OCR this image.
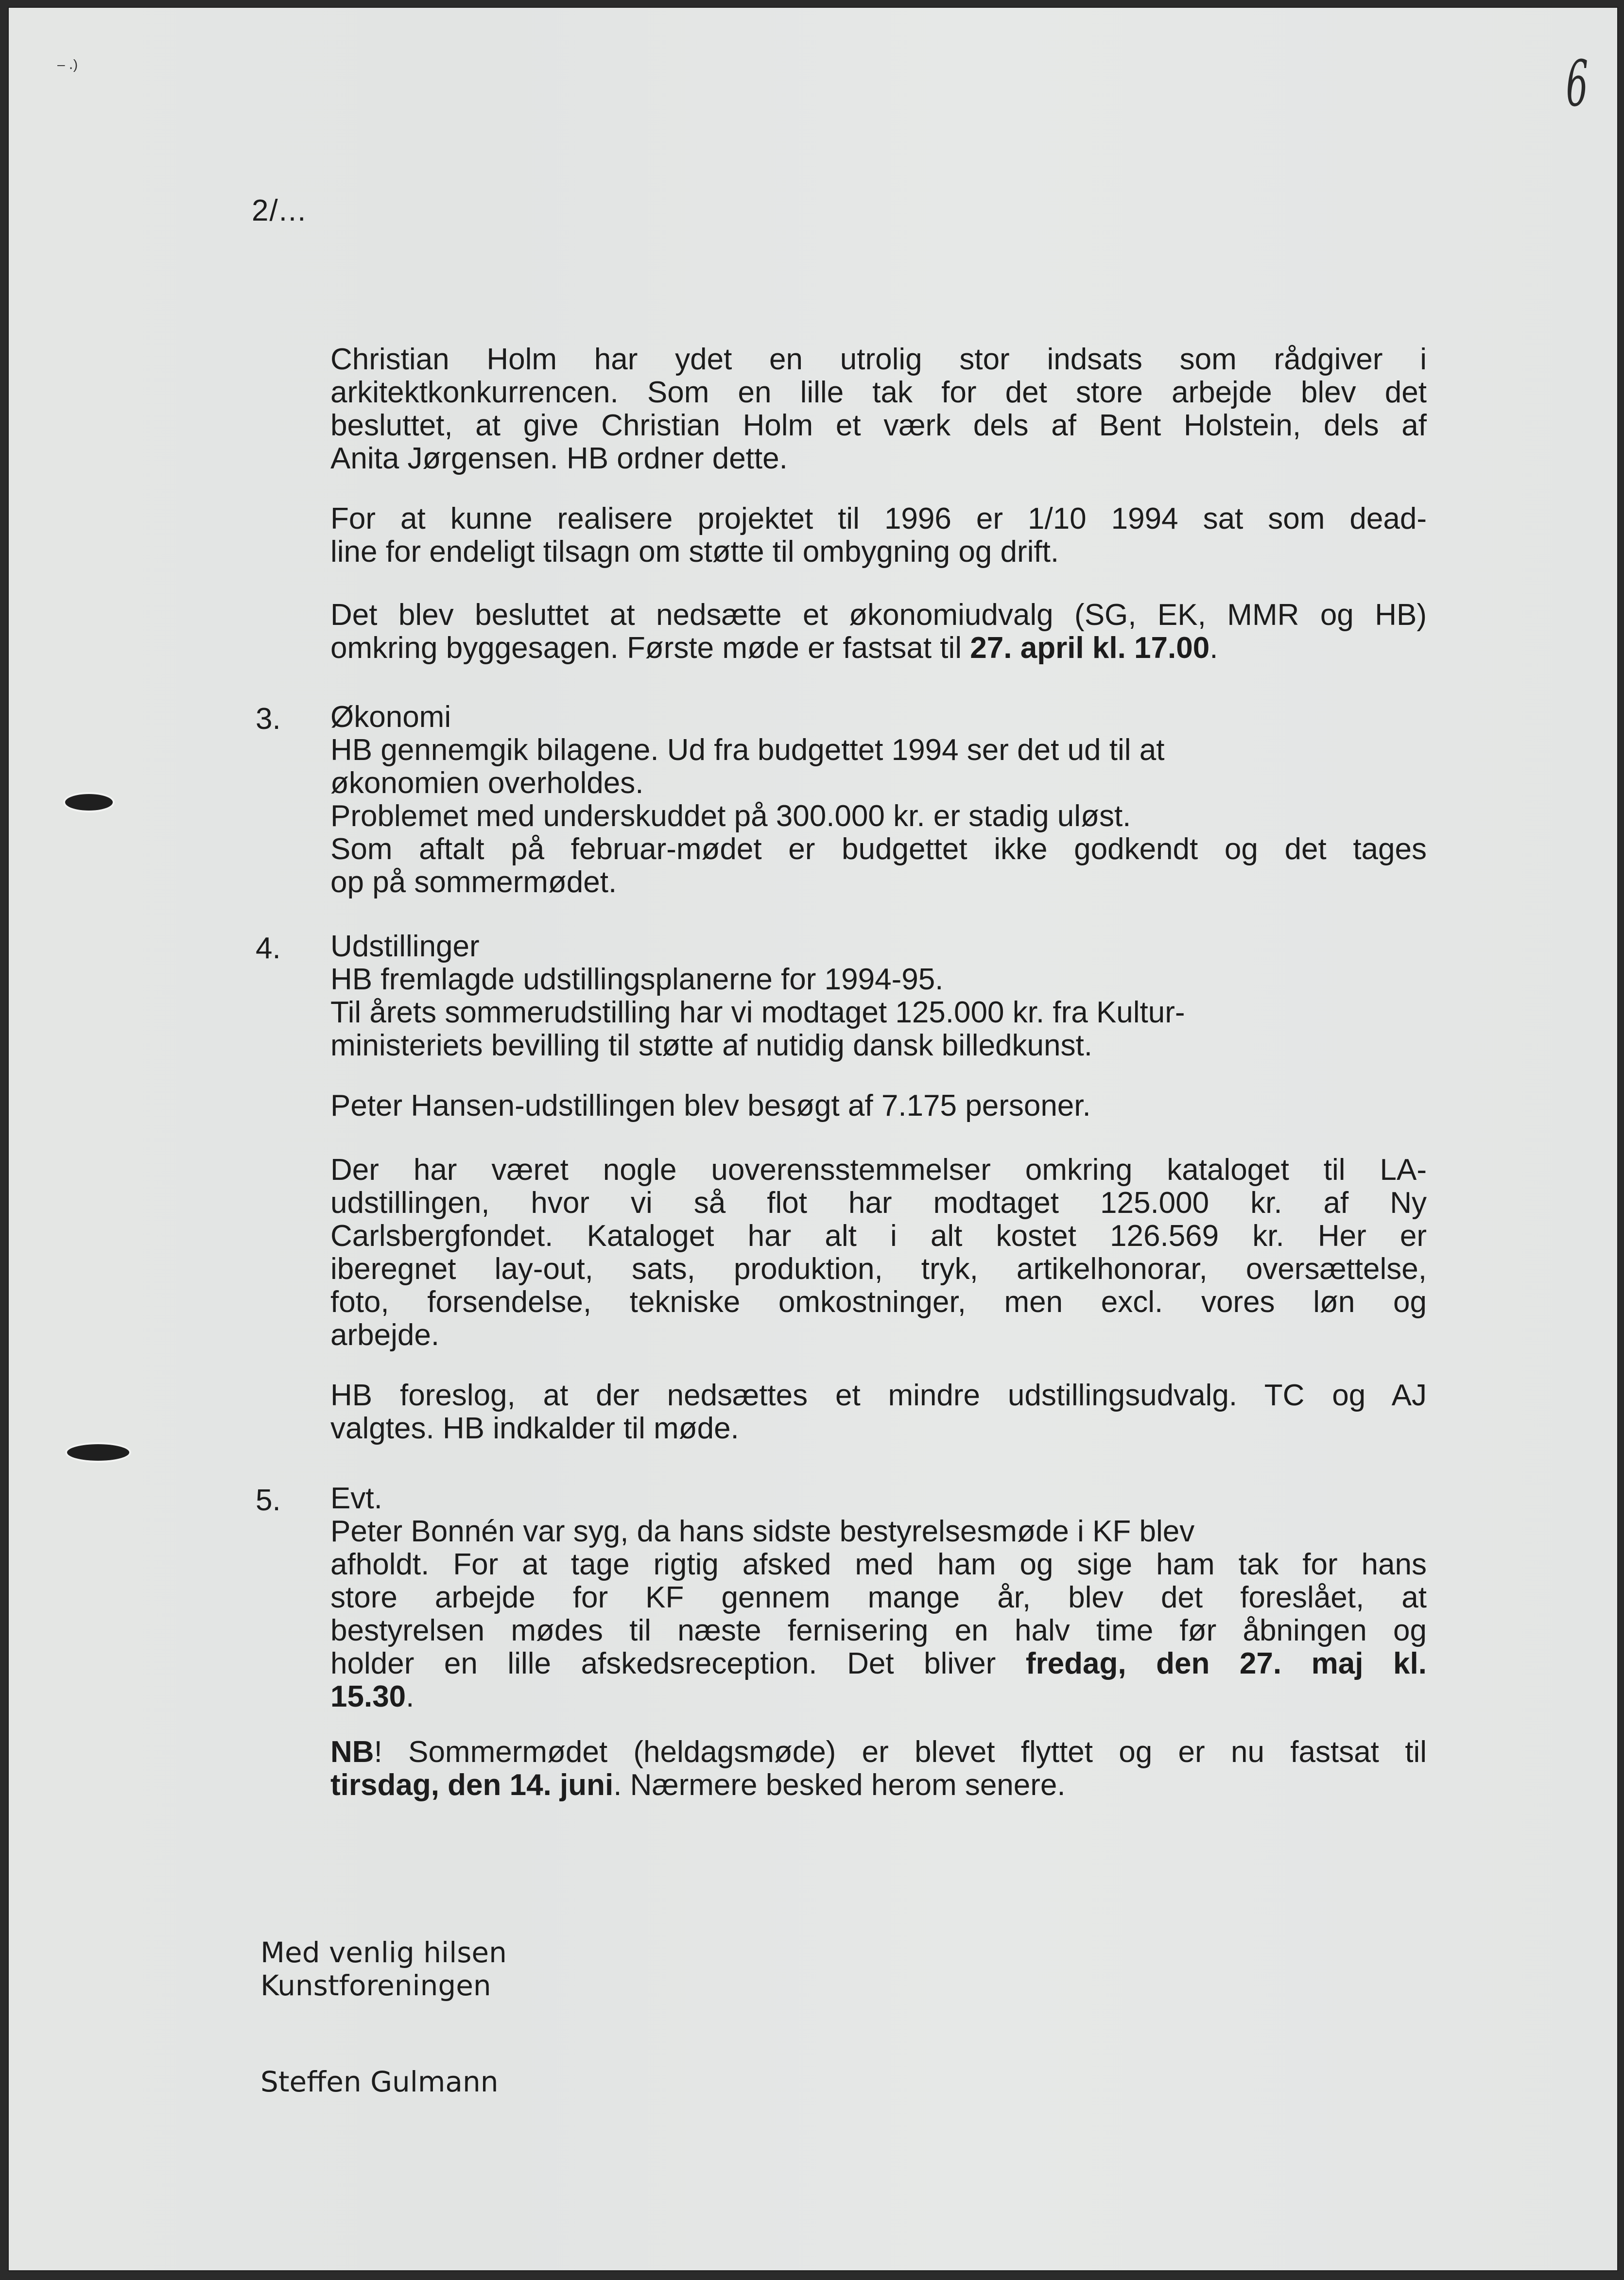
– ․)	6
2/...
Christian Holm har ydet en utrolig stor indsats som rådgiver i
arkitektkonkurrencen. Som en lille tak for det store arbejde blev det
besluttet, at give Christian Holm et værk dels af Bent Holstein, dels af
Anita Jørgensen. HB ordner dette.
For at kunne realisere projektet til 1996 er 1/10 1994 sat som dead-
line for endeligt tilsagn om støtte til ombygning og drift.
Det blev besluttet at nedsætte et økonomiudvalg (SG, EK, MMR og HB)
omkring byggesagen. Første møde er fastsat til 27. april kl. 17.00.
3. Økonomi
HB gennemgik bilagene. Ud fra budgettet 1994 ser det ud til at
økonomien overholdes.
Problemet med underskuddet på 300.000 kr. er stadig uløst.
Som aftalt på februar-mødet er budgettet ikke godkendt og det tages
op på sommermødet.
4. Udstillinger
HB fremlagde udstillingsplanerne for 1994-95.
Til årets sommerudstilling har vi modtaget 125.000 kr. fra Kultur-
ministeriets bevilling til støtte af nutidig dansk billedkunst.
Peter Hansen-udstillingen blev besøgt af 7.175 personer.
Der har været nogle uoverensstemmelser omkring kataloget til LA-
udstillingen, hvor vi så flot har modtaget 125.000 kr. af Ny
Carlsbergfondet. Kataloget har alt i alt kostet 126.569 kr. Her er
iberegnet lay-out, sats, produktion, tryk, artikelhonorar, oversættelse,
foto, forsendelse, tekniske omkostninger, men excl. vores løn og
arbejde.
HB foreslog, at der nedsættes et mindre udstillingsudvalg. TC og AJ
valgtes. HB indkalder til møde.
5. Evt.
Peter Bonnén var syg, da hans sidste bestyrelsesmøde i KF blev
afholdt. For at tage rigtig afsked med ham og sige ham tak for hans
store arbejde for KF gennem mange år, blev det foreslået, at
bestyrelsen mødes til næste fernisering en halv time før åbningen og
holder en lille afskedsreception. Det bliver fredag, den 27. maj kl.
15.30.
NB! Sommermødet (heldagsmøde) er blevet flyttet og er nu fastsat til
tirsdag, den 14. juni. Nærmere besked herom senere.
Med venlig hilsen
Kunstforeningen
Steffen Gulmann
